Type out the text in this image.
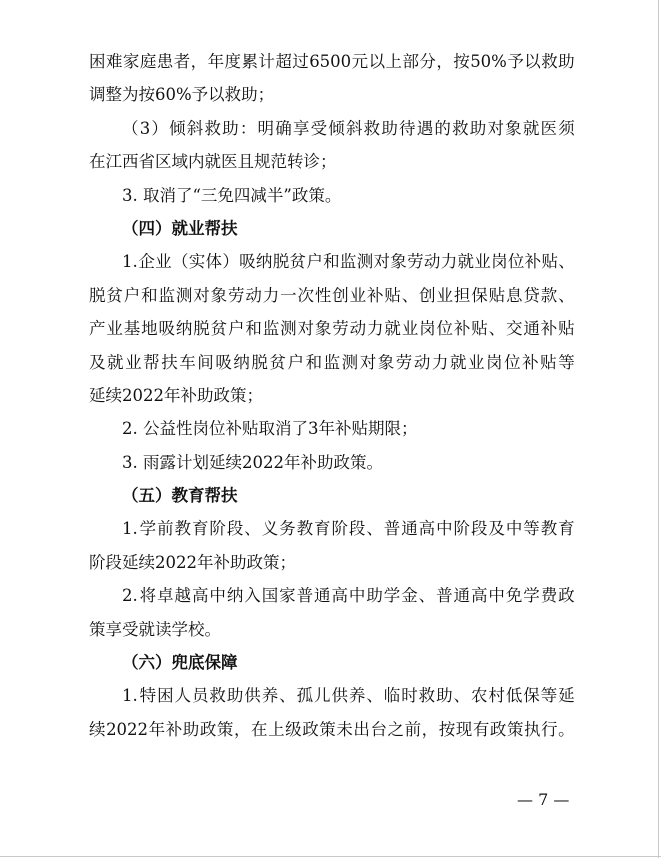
困 难 家 庭 患 者 ， 年 度 累 计 超 过 6500 元 以 上 部 分 ， 按 50% 予 以 救 助
调整为按60%予以救助；
（ 3 ） 倾 斜 救 助 ： 明 确 享 受 倾 斜 救 助 待 遇 的 救 助 对 象 就 医 须
在江西省区域内就医且规范转诊；
3. 取消了“三免四减半”政策。
（四）就业帮扶
1. 企 业 （ 实 体 ） 吸 纳 脱 贫 户 和 监 测 对 象 劳 动 力 就 业 岗 位 补 贴 、
脱 贫 户 和 监 测 对 象 劳 动 力 一 次 性 创 业 补 贴 、 创 业 担 保 贴 息 贷 款 、
产 业 基 地 吸 纳 脱 贫 户 和 监 测 对 象 劳 动 力 就 业 岗 位 补 贴 、 交 通 补 贴
及 就 业 帮 扶 车 间 吸 纳 脱 贫 户 和 监 测 对 象 劳 动 力 就 业 岗 位 补 贴 等
延续2022年补助政策；
2. 公益性岗位补贴取消了3年补贴期限；
3. 雨露计划延续2022年补助政策。
（五）教育帮扶
1. 学 前 教 育 阶 段 、 义 务 教 育 阶 段 、 普 通 高 中 阶 段 及 中 等 教 育
阶段延续2022年补助政策；
2. 将 卓 越 高 中 纳 入 国 家 普 通 高 中 助 学 金 、 普 通 高 中 免 学 费 政
策享受就读学校。
（六）兜底保障
1. 特 困 人 员 救 助 供 养 、 孤 儿 供 养 、 临 时 救 助 、 农 村 低 保 等 延
续 2022 年 补 助 政 策 ， 在 上 级 政 策 未 出 台 之 前 ， 按 现 有 政 策 执 行 。
— 7 —
